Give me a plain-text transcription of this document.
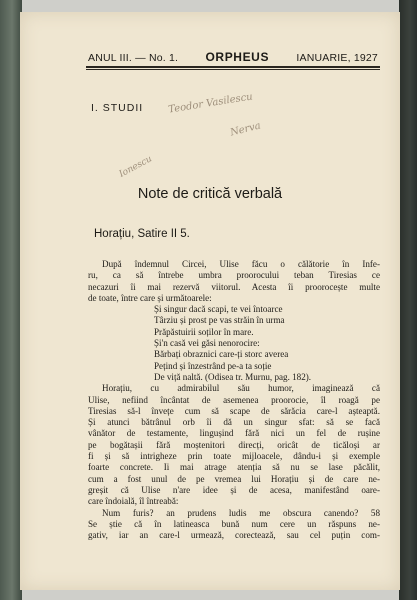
ANUL III. — No. 1. ORPHEUS	IANUARIE, 1927
I. STUDII Teodor Vasilescu
Nerva
Ionescu
Note de critică verbală
Horațiu, Satire II 5.
După îndemnul Circei, Ulise făcu o călătorie în Infe-
ru, ca să întrebe umbra proorocului teban Tiresias ce
necazuri îi mai rezervă viitorul. Acesta îi proorocește multe
de toate, între care și următoarele:
Și singur dacă scapi, te vei întoarce
Târziu și prost pe vas străin în urma
Prăpăstuirii soților în mare.
Și'n casă vei găsi nenorocire:
Bărbați obraznici care-ți storc averea
Pețind și înzestrând pe-a ta soție
De viță naltă. (Odisea tr. Murnu, pag. 182).
Horațiu, cu admirabilul său humor, imaginează că
Ulise, nefiind încântat de asemenea proorocie, îl roagă pe
Tiresias să-l învețe cum să scape de sărăcia care-l așteaptă.
Și atunci bătrânul orb îi dă un singur sfat: să se facă
vânător de testamente, lingușind fără nici un fel de rușine
pe bogătașii fără moștenitori direcți, oricât de ticăloși ar
fi și să intrigheze prin toate mijloacele, dându-i și exemple
foarte concrete. Ii mai atrage atenția să nu se lase păcălit,
cum a fost unul de pe vremea lui Horațiu și de care ne-
greșit că Ulise n'are idee și de acesa, manifestând oare-
care îndoială, îl întreabă:
Num furis? an prudens ludis me obscura canendo? 58
Se știe că în latineasca bună num cere un răspuns ne-
gativ, iar an care-l urmează, corectează, sau cel puțin com-
